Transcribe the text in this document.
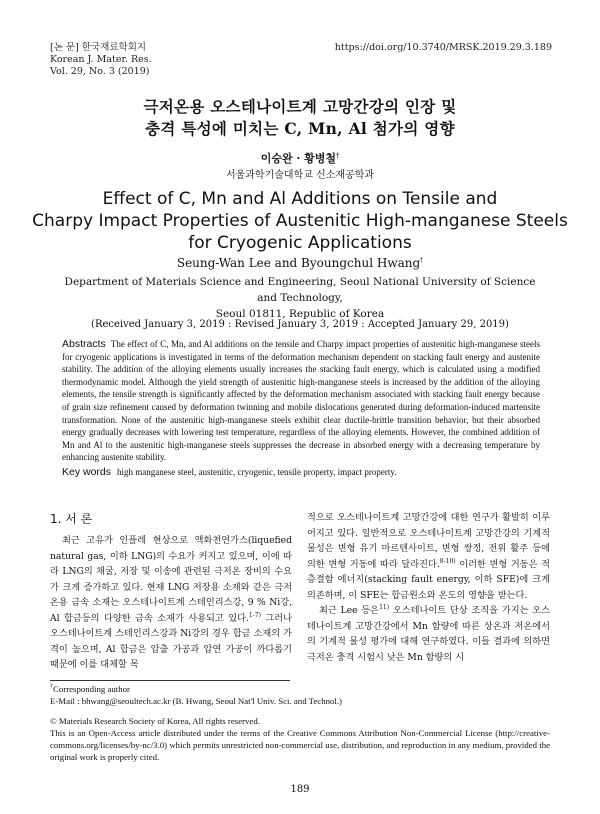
[논 문] 한국재료학회지
Korean J. Mater. Res.
Vol. 29, No. 3 (2019)
https://doi.org/10.3740/MRSK.2019.29.3.189
극저온용 오스테나이트계 고망간강의 인장 및
충격 특성에 미치는 C, Mn, Al 첨가의 영향
이승완 · 황병철†
서울과학기술대학교 신소재공학과
Effect of C, Mn and Al Additions on Tensile and
Charpy Impact Properties of Austenitic High-manganese Steels
for Cryogenic Applications
Seung-Wan Lee and Byoungchul Hwang†
Department of Materials Science and Engineering, Seoul National University of Science and Technology,
Seoul 01811, Republic of Korea
(Received January 3, 2019 : Revised January 3, 2019 : Accepted January 29, 2019)
Abstracts The effect of C, Mn, and Al additions on the tensile and Charpy impact properties of austenitic high-manganese steels for cryogenic applications is investigated in terms of the deformation mechanism dependent on stacking fault energy and austenite stability. The addition of the alloying elements usually increases the stacking fault energy, which is calculated using a modified thermodynamic model. Although the yield strength of austenitic high-manganese steels is increased by the addition of the alloying elements, the tensile strength is significantly affected by the deformation mechanism associated with stacking fault energy because of grain size refinement caused by deformation twinning and mobile dislocations generated during deformation-induced martensite transformation. None of the austenitic high-manganese steels exhibit clear ductile-brittle transition behavior, but their absorbed energy gradually decreases with lowering test temperature, regardless of the alloying elements. However, the combined addition of Mn and Al to the austenitic high-manganese steels suppresses the decrease in absorbed energy with a decreasing temperature by enhancing austenite stability.
Key words high manganese steel, austenitic, cryogenic, tensile property, impact property.
1. 서 론

최근 고유가 인플레 현상으로 액화천연가스(liquefied natural gas, 이하 LNG)의 수요가 커지고 있으며, 이에 따라 LNG의 채굴, 저장 및 이송에 관련된 극저온 장비의 수요가 크게 증가하고 있다. 현재 LNG 저장용 소재와 같은 극저온용 금속 소재는 오스테나이트계 스테인리스강, 9 % Ni강, Al 합금등의 다양한 금속 소재가 사용되고 있다.$^{1-7)}$ 그러나 오스테나이트계 스테인리스강과 Ni강의 경우 합금 소재의 가격이 높으며, Al 합금은 압출 가공과 압연 가공이 까다롭기 때문에 이를 대체할 목

적으로 오스테나이트계 고망간강에 대한 연구가 활발히 이루어지고 있다. 일반적으로 오스테나이트계 고망간강의 기계적 물성은 변형 유기 마르텐사이트, 변형 쌍정, 전위 활주 등에 의한 변형 거동에 따라 달라진다.$^{8-10)}$ 이러한 변형 거동은 적층결함 에너지(stacking fault energy, 이하 SFE)에 크게 의존하며, 이 SFE는 합금원소와 온도의 영향을 받는다.

최근 Lee 등은$^{11)}$ 오스테나이트 단상 조직을 가지는 오스테나이트계 고망간강에서 Mn 함량에 따른 상온과 저온에서의 기계적 물성 평가에 대해 연구하였다. 이들 결과에 의하면 극저온 충격 시험시 낮은 Mn 함량의 시

†Corresponding author
E-Mail : bhwang@seoultech.ac.kr (B. Hwang, Seoul Nat'l Univ. Sci. and Technol.)
© Materials Research Society of Korea, All rights reserved.
This is an Open-Access article distributed under the terms of the Creative Commons Attribution Non-Commercial License (http://creative-commons.org/licenses/by-nc/3.0) which permits unrestricted non-commercial use, distribution, and reproduction in any medium, provided the original work is properly cited.
189
